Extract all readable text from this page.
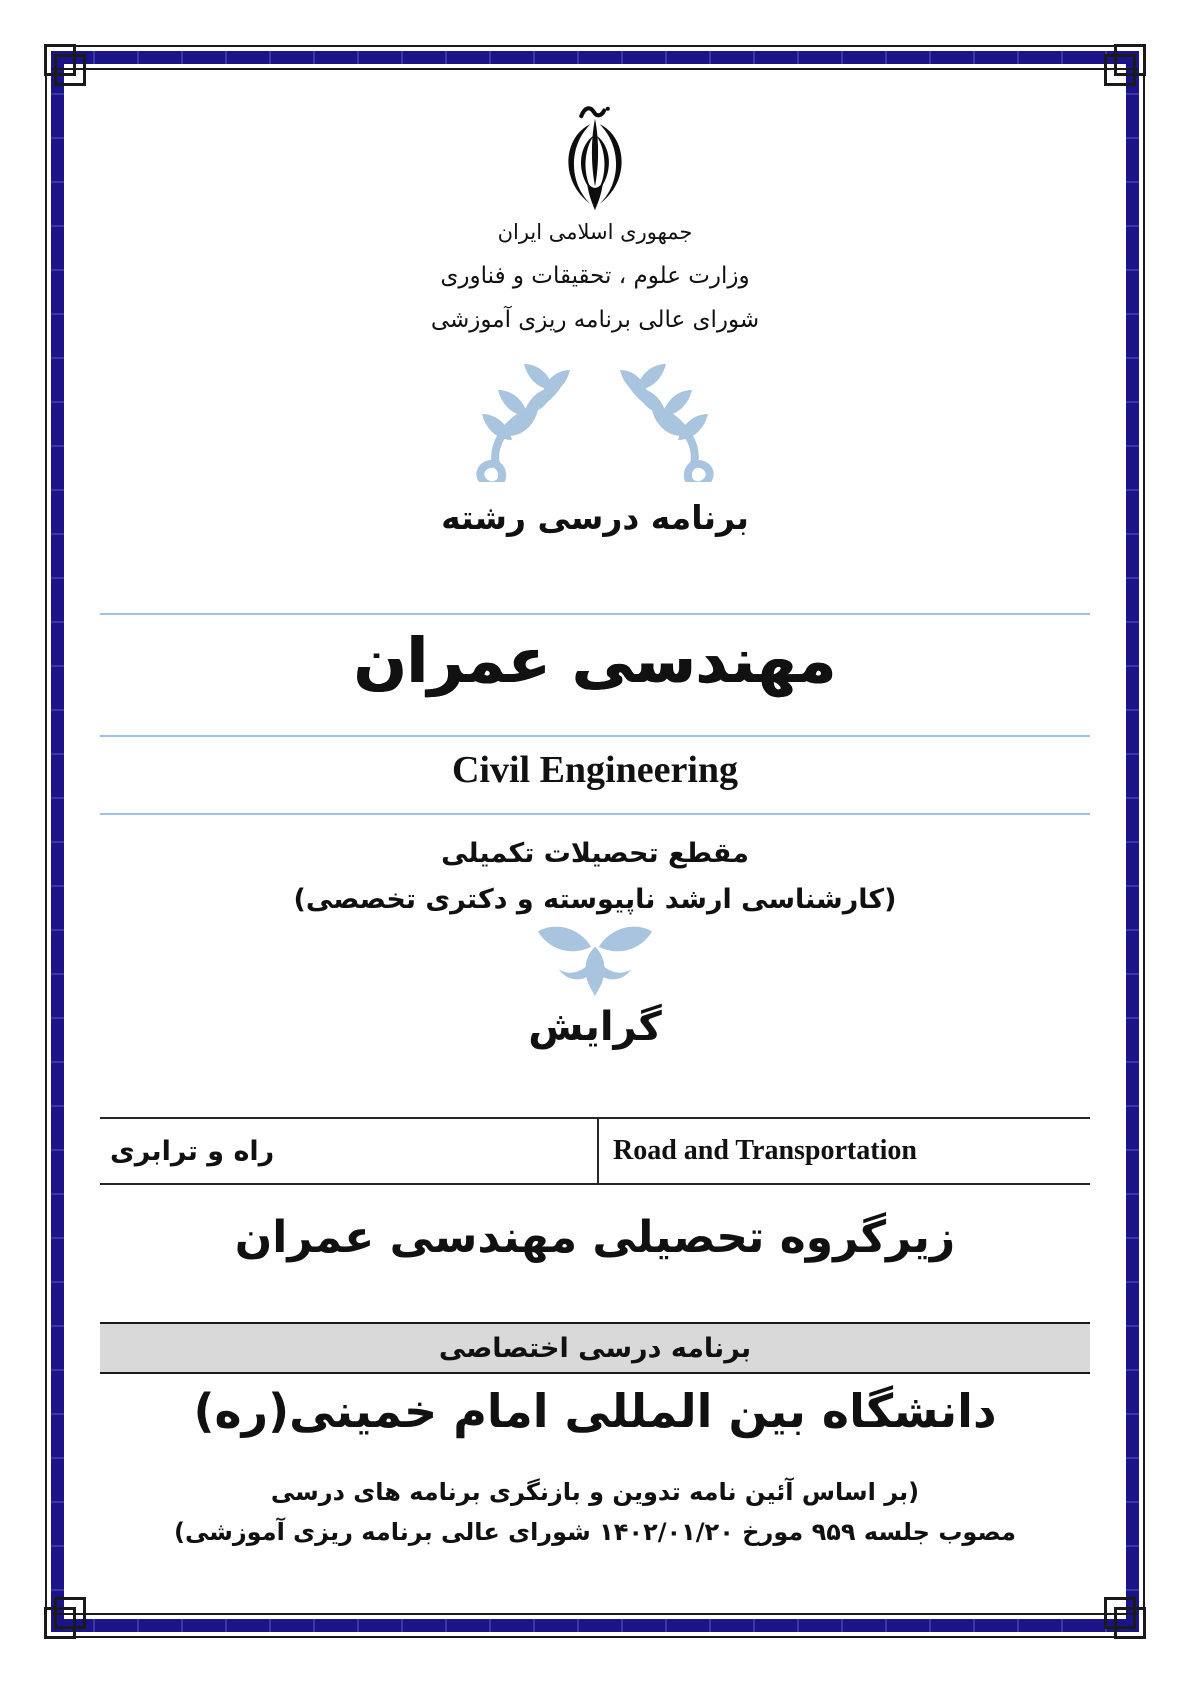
جمهوری اسلامی ایران
وزارت علوم ، تحقیقات و فناوری
شورای عالی برنامه ریزی آموزشی
برنامه درسی رشته
مهندسی عمران
Civil Engineering
مقطع تحصیلات تکمیلی
(کارشناسی ارشد ناپیوسته و دکتری تخصصی)
گرایش
راه و ترابری	Road and Transportation
زیرگروه تحصیلی مهندسی عمران
برنامه درسی اختصاصی
دانشگاه بین المللی امام خمینی(ره)
(بر اساس آئین نامه تدوین و بازنگری برنامه های درسی
مصوب جلسه ۹۵۹ مورخ ۱۴۰۲/۰۱/۲۰ شورای عالی برنامه ریزی آموزشی)
